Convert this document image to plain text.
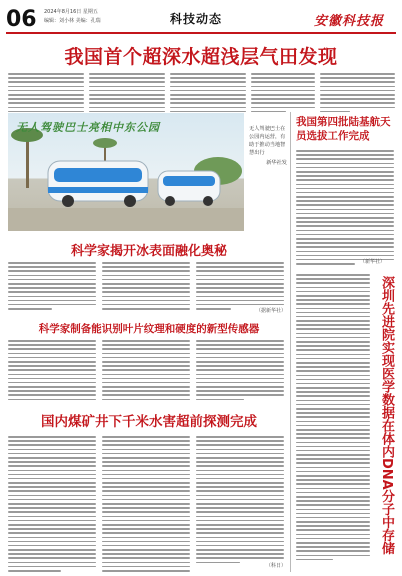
06 2024年8月16日 星期五
编辑：刘小林 美编：孔瑞	科技动态	安徽科技报
我国首个超深水超浅层气田发现
无人驾驶巴士亮相中东公园	无人驾驶巴士在公园内运营，有助于推动当地智慧出行
新华社发
我国第四批陆基航天员选拔工作完成
（新华社）
科学家揭开冰表面融化奥秘
（据新华社）
科学家制备能识别叶片纹理和硬度的新型传感器
国内煤矿井下千米水害超前探测完成
（科日）
深圳先进院实现医学数据在体内DNA分子中存储
